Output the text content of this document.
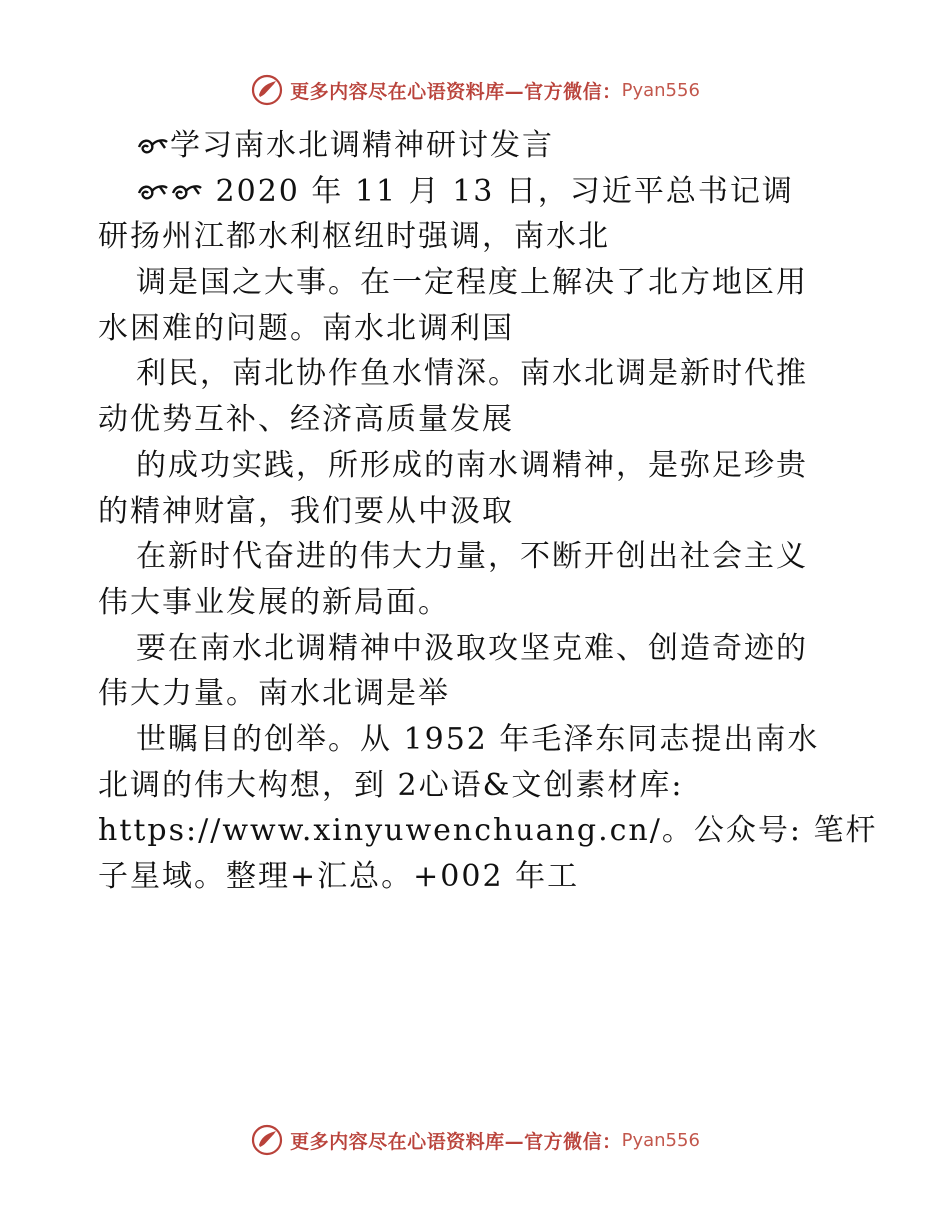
更多内容尽在心语资料库—官方微信： Pyan556
学习南水北调精神研讨发言
2020 年 11 月 13 日，习近平总书记调
研扬州江都水利枢纽时强调，南水北
调是国之大事。在一定程度上解决了北方地区用
水困难的问题。南水北调利国
利民，南北协作鱼水情深。南水北调是新时代推
动优势互补、经济高质量发展
的成功实践，所形成的南水调精神，是弥足珍贵
的精神财富，我们要从中汲取
在新时代奋进的伟大力量，不断开创出社会主义
伟大事业发展的新局面。
要在南水北调精神中汲取攻坚克难、创造奇迹的
伟大力量。南水北调是举
世瞩目的创举。从 1952 年毛泽东同志提出南水
北调的伟大构想，到 2心语&文创素材库:
https://www.xinyuwenchuang.cn/。公众号: 笔杆
子星域。整理+汇总。+002 年工
更多内容尽在心语资料库—官方微信： Pyan556
